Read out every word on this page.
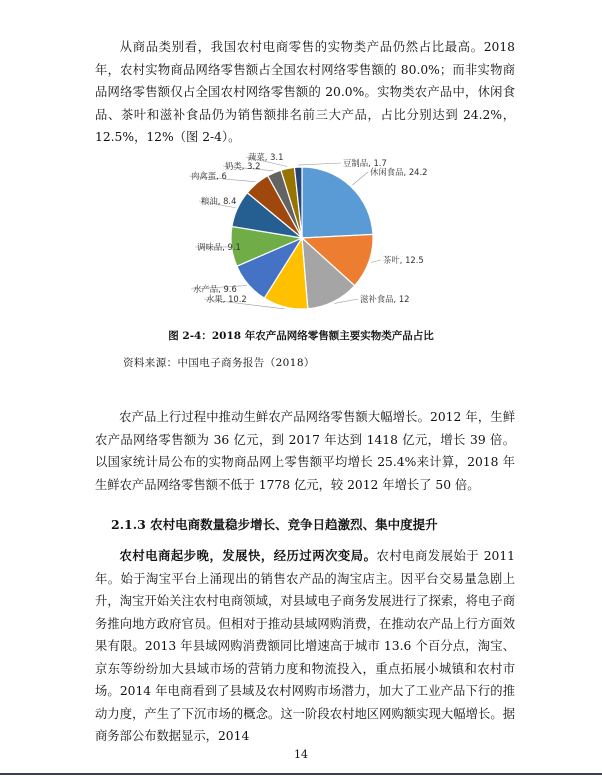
从商品类别看，我国农村电商零售的实物类产品仍然占比最高。2018 年，农村实物商品网络零售额占全国农村网络零售额的 80.0%；而非实物商品网络零售额仅占全国农村网络零售额的 20.0%。实物类农产品中，休闲食品、茶叶和滋补食品仍为销售额排名前三大产品，占比分别达到 24.2%，12.5%，12%（图 2-4）。

休闲食品, 24.2
茶叶, 12.5
滋补食品, 12
水果, 10.2
水产品, 9.6
调味品, 9.1
粮油, 8.4
肉禽蛋, 6
奶类, 3.2
蔬菜, 3.1
豆制品, 1.7
图 2-4：2018 年农产品网络零售额主要实物类产品占比
资料来源：中国电子商务报告（2018）

农产品上行过程中推动生鲜农产品网络零售额大幅增长。2012 年，生鲜农产品网络零售额为 36 亿元，到 2017 年达到 1418 亿元，增长 39 倍。以国家统计局公布的实物商品网上零售额平均增长 25.4%来计算，2018 年生鲜农产品网络零售额不低于 1778 亿元，较 2012 年增长了 50 倍。

2.1.3 农村电商数量稳步增长、竞争日趋激烈、集中度提升

农村电商起步晚，发展快，经历过两次变局。农村电商发展始于 2011 年。始于淘宝平台上涌现出的销售农产品的淘宝店主。因平台交易量急剧上升，淘宝开始关注农村电商领域，对县域电子商务发展进行了探索，将电子商务推向地方政府官员。但相对于推动县域网购消费，在推动农产品上行方面效果有限。2013 年县域网购消费额同比增速高于城市 13.6 个百分点，淘宝、京东等纷纷加大县域市场的营销力度和物流投入，重点拓展小城镇和农村市场。2014 年电商看到了县域及农村网购市场潜力，加大了工业产品下行的推动力度，产生了下沉市场的概念。这一阶段农村地区网购额实现大幅增长。据商务部公布数据显示，2014

14
